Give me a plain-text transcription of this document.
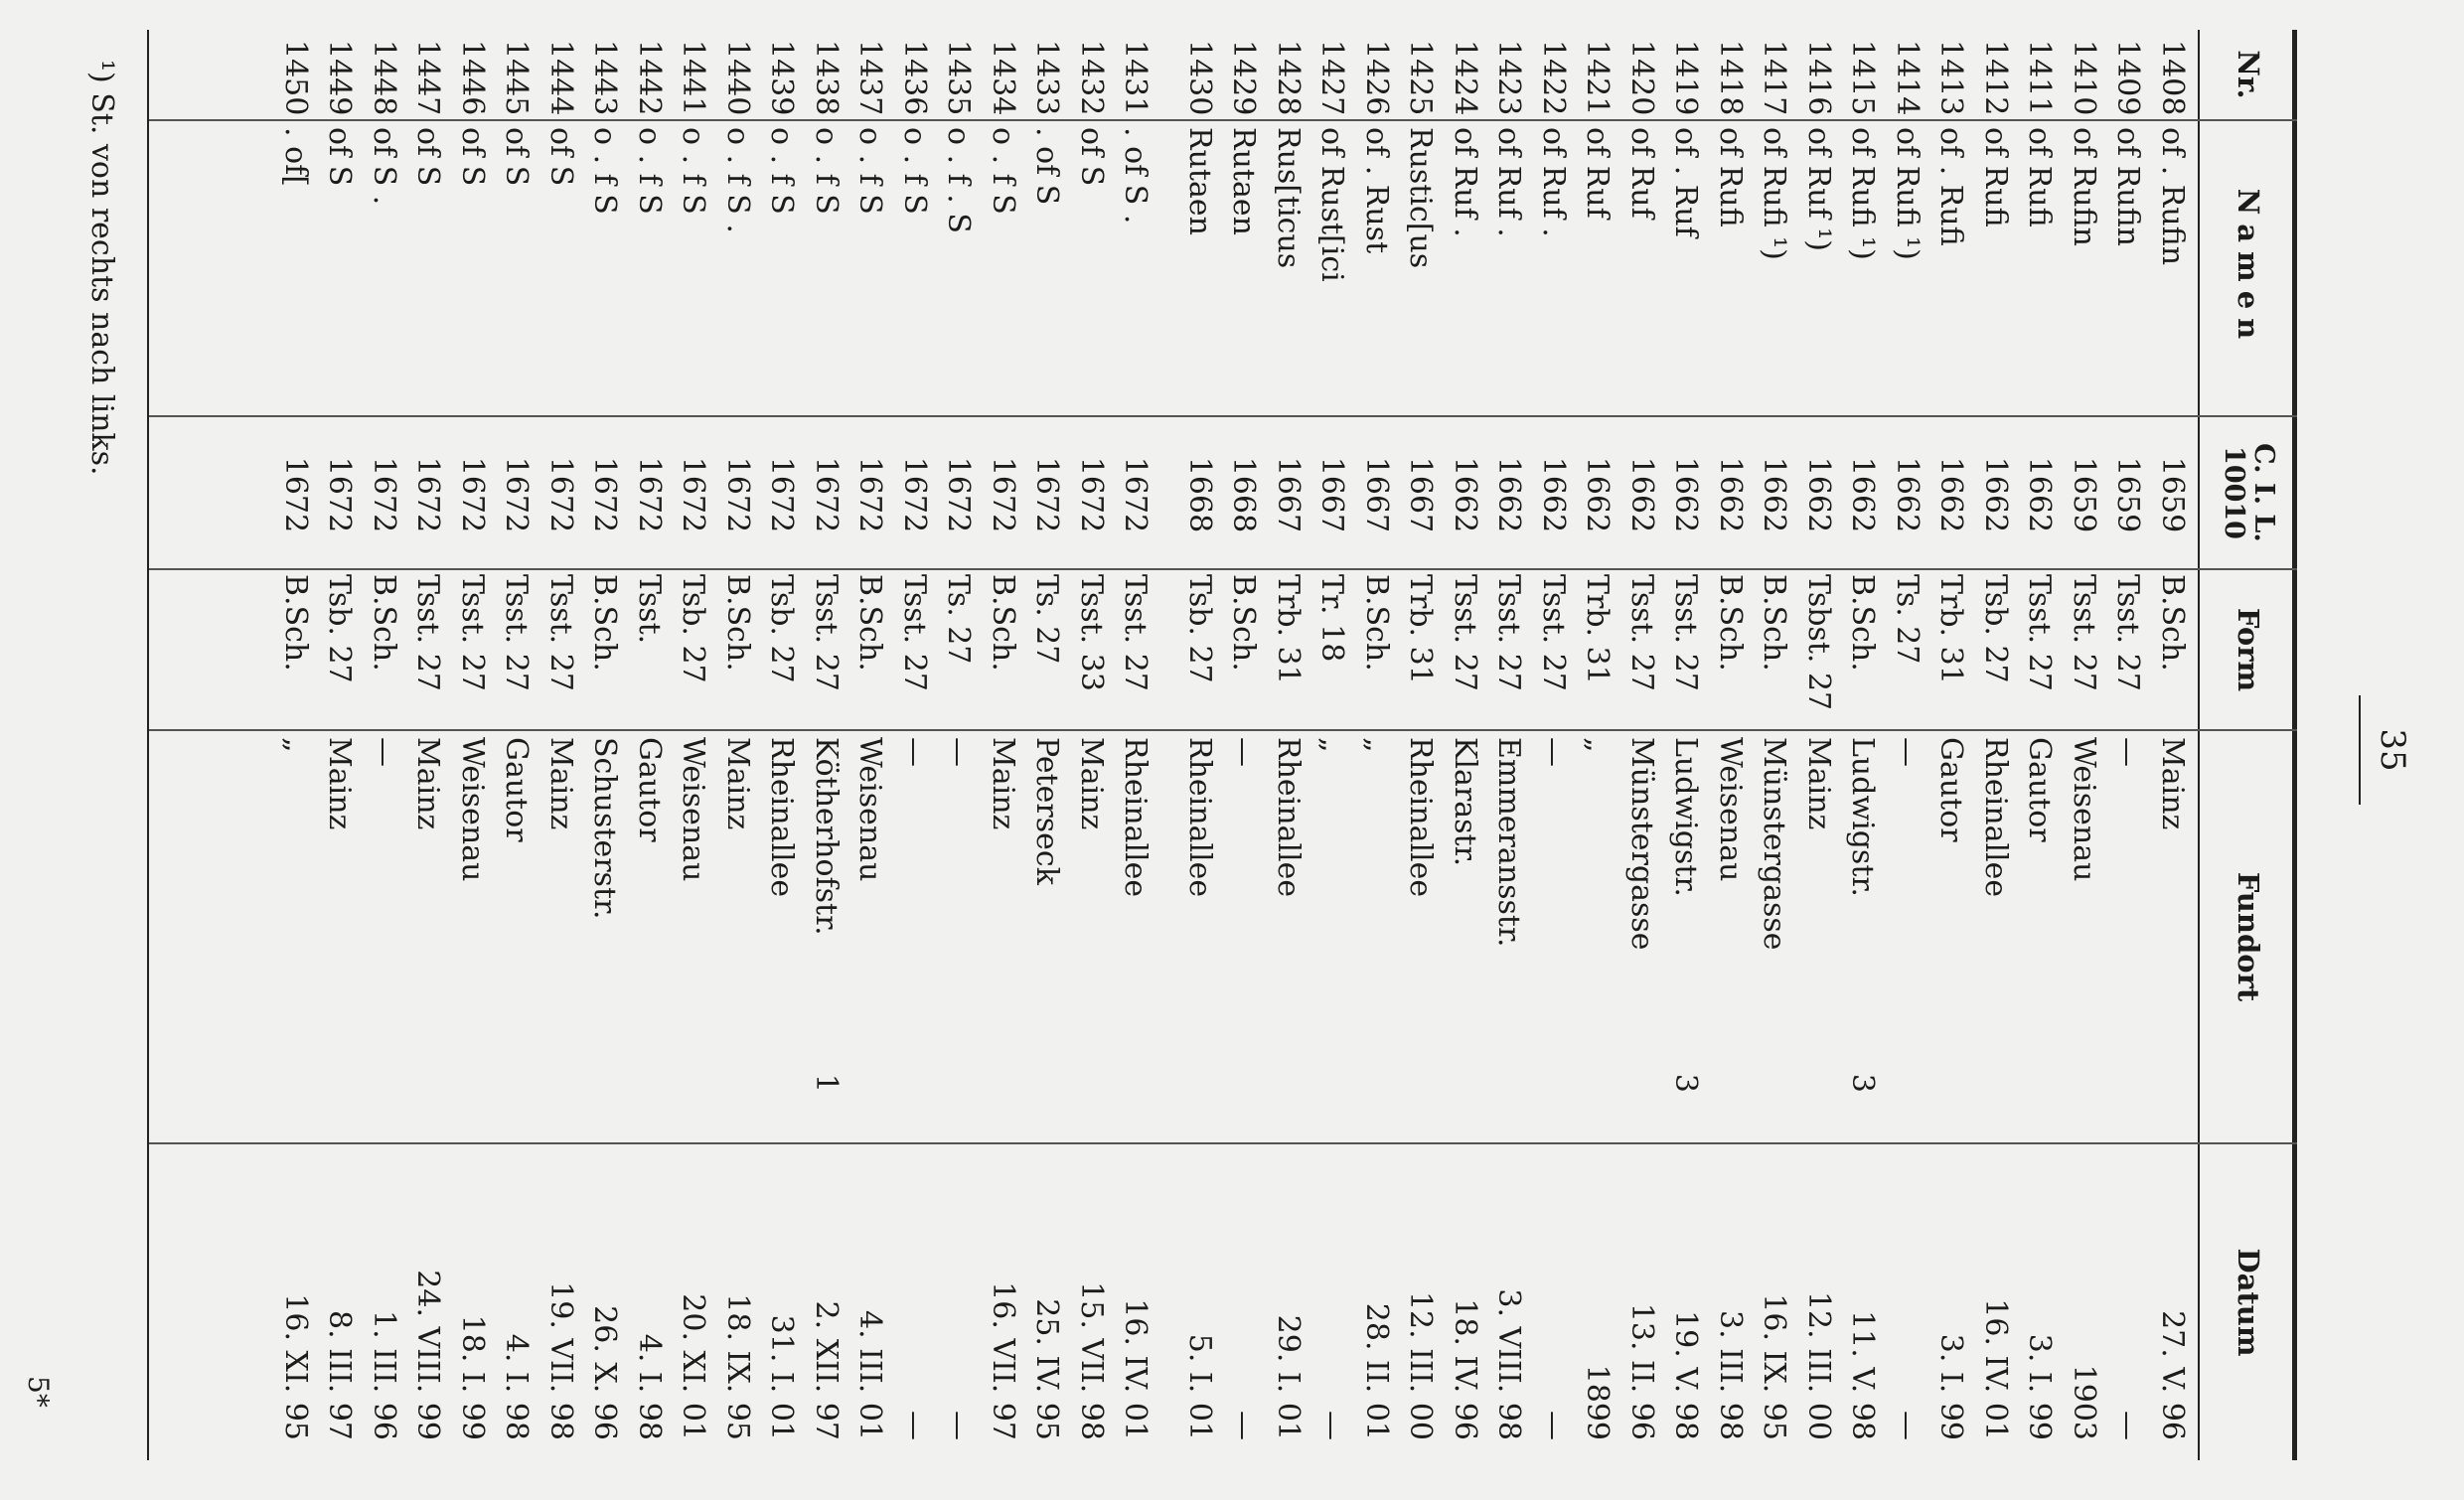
35
Nr.
Namen
C. I. L. 10010
Form
Fundort
Datum
1408
of . Rufin
1659
B.Sch.
Mainz
27. V. 96
1409
of Rufin
1659
Tsst. 27
—
—
1410
of Rufin
1659
Tsst. 27
Weisenau
1903
1411
of Rufi
1662
Tsst. 27
Gautor
3. I. 99
1412
of Rufi
1662
Tsb. 27
Rheinallee
16. IV. 01
1413
of . Rufi
1662
Trb. 31
Gautor
3. I. 99
1414
of Rufi ¹)
1662
Ts. 27
—
—
1415
of Rufi ¹)
1662
B.Sch.
Ludwigstr.
3
11. V. 98
1416
of Ruf ¹)
1662
Tsbst. 27
Mainz
12. III. 00
1417
of Rufi ¹)
1662
B.Sch.
Münstergasse
16. IX. 95
1418
of Rufi
1662
B.Sch.
Weisenau
3. III. 98
1419
of . Ruf
1662
Tsst. 27
Ludwigstr.
3
19. V. 98
1420
of Ruf
1662
Tsst. 27
Münstergasse
13. II. 96
1421
of Ruf
1662
Trb. 31
„
1899
1422
of Ruf .
1662
Tsst. 27
—
—
1423
of Ruf .
1662
Tsst. 27
Emmeransstr.
3. VIII. 98
1424
of Ruf .
1662
Tsst. 27
Klarastr.
18. IV. 96
1425
Rustic[us
1667
Trb. 31
Rheinallee
12. III. 00
1426
of . Rust
1667
B.Sch.
„
28. II. 01
1427
of Rust[ici
1667
Tr. 18
„
—
1428
Rus[ticus
1667
Trb. 31
Rheinallee
29. I. 01
1429
Rutaen
1668
B.Sch.
—
—
1430
Rutaen
1668
Tsb. 27
Rheinallee
5. I. 01
1431
. of S .
1672
Tsst. 27
Rheinallee
16. IV. 01
1432
of S
1672
Tsst. 33
Mainz
15. VII. 98
1433
. of S
1672
Ts. 27
Peterseck
25. IV. 95
1434
o . f S
1672
B.Sch.
Mainz
16. VII. 97
1435
o . f . S
1672
Ts. 27
—
—
1436
o . f S
1672
Tsst. 27
—
—
1437
o . f S
1672
B.Sch.
Weisenau
4. III. 01
1438
o . f S
1672
Tsst. 27
Kötherhofstr.
1
2. XII. 97
1439
o . f S
1672
Tsb. 27
Rheinallee
31. I. 01
1440
o . f S .
1672
B.Sch.
Mainz
18. IX. 95
1441
o . f S
1672
Tsb. 27
Weisenau
20. XI. 01
1442
o . f S
1672
Tsst.
Gautor
4. I. 98
1443
o . f S
1672
B.Sch.
Schusterstr.
26. X. 96
1444
of S
1672
Tsst. 27
Mainz
19. VII. 98
1445
of S
1672
Tsst. 27
Gautor
4. I. 98
1446
of S
1672
Tsst. 27
Weisenau
18. I. 99
1447
of S
1672
Tsst. 27
Mainz
24. VIII. 99
1448
of S .
1672
B.Sch.
—
1. III. 96
1449
of S
1672
Tsb. 27
Mainz
8. III. 97
1450
. of[
1672
B.Sch.
„
16. XI. 95
¹) St. von rechts nach links.
5*
